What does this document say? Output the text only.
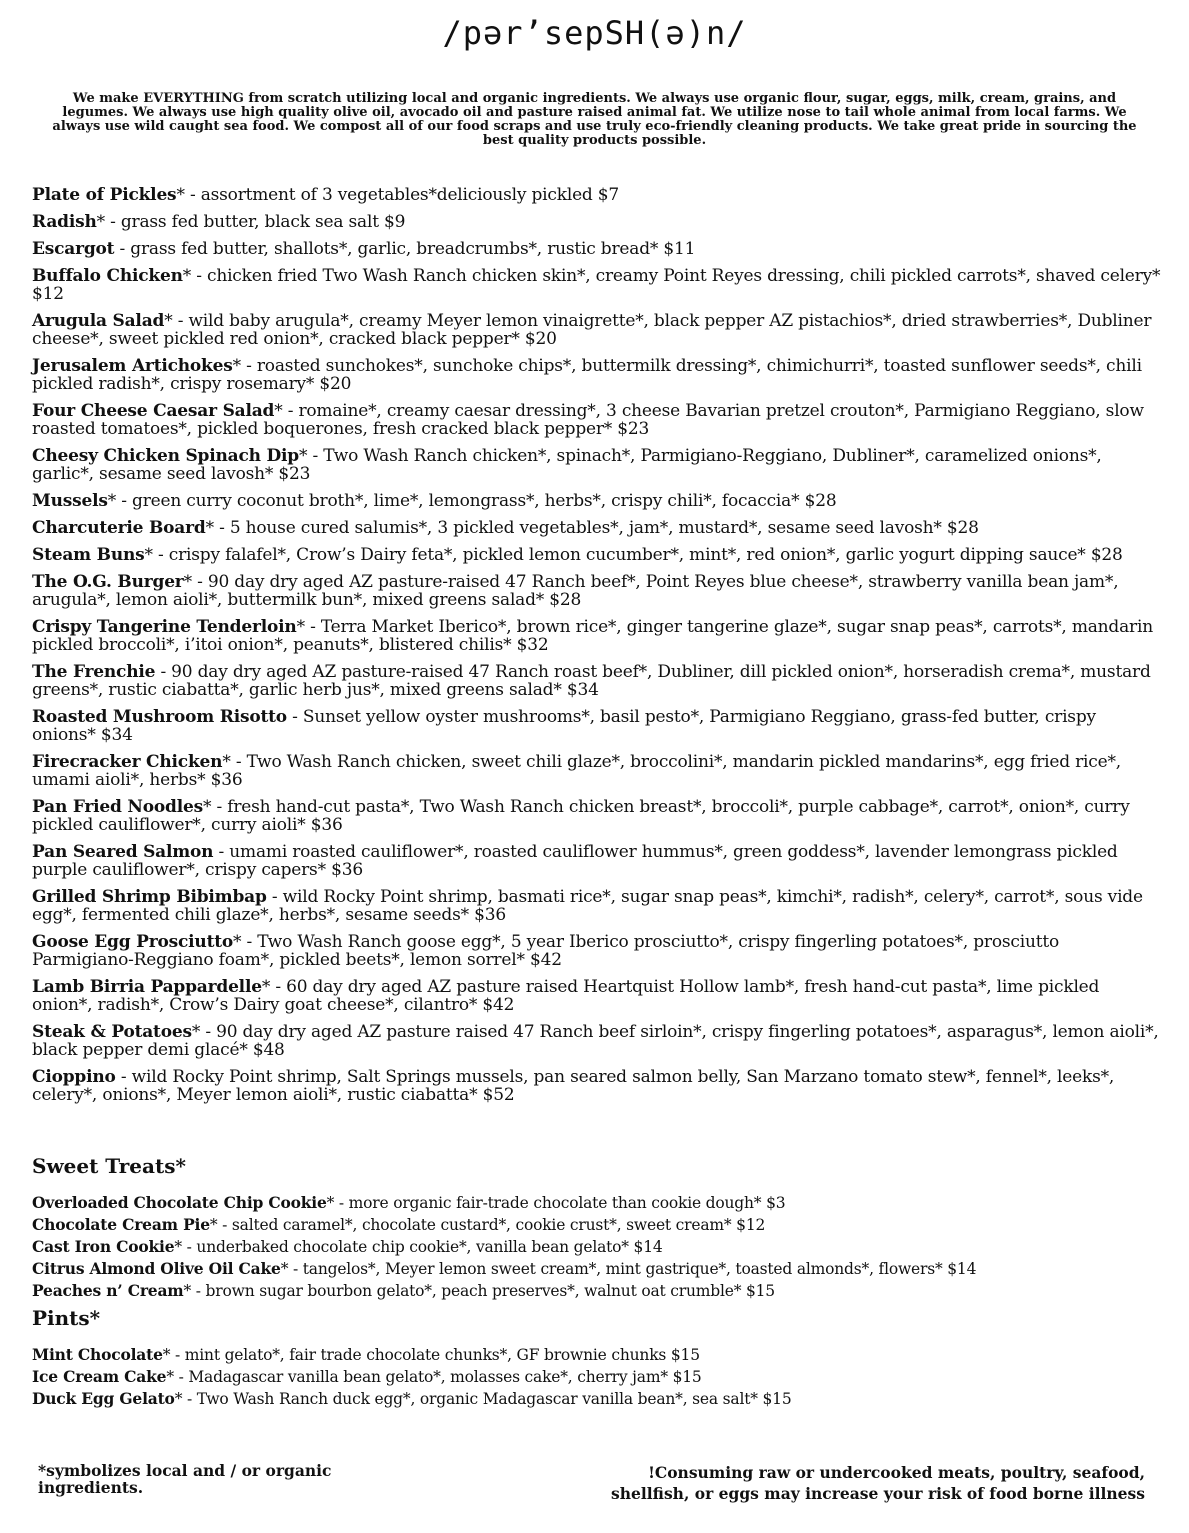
/pər’sepSH(ə)n/
We make EVERYTHING from scratch utilizing local and organic ingredients. We always use organic flour, sugar, eggs, milk, cream, grains, and legumes. We always use high quality olive oil, avocado oil and pasture raised animal fat. We utilize nose to tail whole animal from local farms. We always use wild caught sea food. We compost all of our food scraps and use truly eco-friendly cleaning products. We take great pride in sourcing the best quality products possible.
Plate of Pickles* - assortment of 3 vegetables*deliciously pickled $7
Radish* - grass fed butter, black sea salt $9
Escargot - grass fed butter, shallots*, garlic, breadcrumbs*, rustic bread* $11
Buffalo Chicken* - chicken fried Two Wash Ranch chicken skin*, creamy Point Reyes dressing, chili pickled carrots*, shaved celery* $12
Arugula Salad* - wild baby arugula*, creamy Meyer lemon vinaigrette*, black pepper AZ pistachios*, dried strawberries*, Dubliner cheese*, sweet pickled red onion*, cracked black pepper* $20
Jerusalem Artichokes* - roasted sunchokes*, sunchoke chips*, buttermilk dressing*, chimichurri*, toasted sunflower seeds*, chili pickled radish*, crispy rosemary* $20
Four Cheese Caesar Salad* - romaine*, creamy caesar dressing*, 3 cheese Bavarian pretzel crouton*, Parmigiano Reggiano, slow roasted tomatoes*, pickled boquerones, fresh cracked black pepper* $23
Cheesy Chicken Spinach Dip* - Two Wash Ranch chicken*, spinach*, Parmigiano-Reggiano, Dubliner*, caramelized onions*, garlic*, sesame seed lavosh* $23
Mussels* - green curry coconut broth*, lime*, lemongrass*, herbs*, crispy chili*, focaccia* $28
Charcuterie Board* - 5 house cured salumis*, 3 pickled vegetables*, jam*, mustard*, sesame seed lavosh* $28
Steam Buns* - crispy falafel*, Crow’s Dairy feta*, pickled lemon cucumber*, mint*, red onion*, garlic yogurt dipping sauce* $28
The O.G. Burger* - 90 day dry aged AZ pasture-raised 47 Ranch beef*, Point Reyes blue cheese*, strawberry vanilla bean jam*, arugula*, lemon aioli*, buttermilk bun*, mixed greens salad* $28
Crispy Tangerine Tenderloin* - Terra Market Iberico*, brown rice*, ginger tangerine glaze*, sugar snap peas*, carrots*, mandarin pickled broccoli*, i’itoi onion*, peanuts*, blistered chilis* $32
The Frenchie - 90 day dry aged AZ pasture-raised 47 Ranch roast beef*, Dubliner, dill pickled onion*, horseradish crema*, mustard greens*, rustic ciabatta*, garlic herb jus*, mixed greens salad* $34
Roasted Mushroom Risotto - Sunset yellow oyster mushrooms*, basil pesto*, Parmigiano Reggiano, grass-fed butter, crispy onions* $34
Firecracker Chicken* - Two Wash Ranch chicken, sweet chili glaze*, broccolini*, mandarin pickled mandarins*, egg fried rice*, umami aioli*, herbs* $36
Pan Fried Noodles* - fresh hand-cut pasta*, Two Wash Ranch chicken breast*, broccoli*, purple cabbage*, carrot*, onion*, curry pickled cauliflower*, curry aioli* $36
Pan Seared Salmon - umami roasted cauliflower*, roasted cauliflower hummus*, green goddess*, lavender lemongrass pickled purple cauliflower*, crispy capers* $36
Grilled Shrimp Bibimbap - wild Rocky Point shrimp, basmati rice*, sugar snap peas*, kimchi*, radish*, celery*, carrot*, sous vide egg*, fermented chili glaze*, herbs*, sesame seeds* $36
Goose Egg Prosciutto* - Two Wash Ranch goose egg*, 5 year Iberico prosciutto*, crispy fingerling potatoes*, prosciutto Parmigiano-Reggiano foam*, pickled beets*, lemon sorrel* $42
Lamb Birria Pappardelle* - 60 day dry aged AZ pasture raised Heartquist Hollow lamb*, fresh hand-cut pasta*, lime pickled onion*, radish*, Crow’s Dairy goat cheese*, cilantro* $42
Steak & Potatoes* - 90 day dry aged AZ pasture raised 47 Ranch beef sirloin*, crispy fingerling potatoes*, asparagus*, lemon aioli*, black pepper demi glacé* $48
Cioppino - wild Rocky Point shrimp, Salt Springs mussels, pan seared salmon belly, San Marzano tomato stew*, fennel*, leeks*, celery*, onions*, Meyer lemon aioli*, rustic ciabatta* $52
Sweet Treats*
Overloaded Chocolate Chip Cookie* - more organic fair-trade chocolate than cookie dough* $3
Chocolate Cream Pie* - salted caramel*, chocolate custard*, cookie crust*, sweet cream* $12
Cast Iron Cookie* - underbaked chocolate chip cookie*, vanilla bean gelato* $14
Citrus Almond Olive Oil Cake* - tangelos*, Meyer lemon sweet cream*, mint gastrique*, toasted almonds*, flowers* $14
Peaches n’ Cream* - brown sugar bourbon gelato*, peach preserves*, walnut oat crumble* $15
Pints*
Mint Chocolate* - mint gelato*, fair trade chocolate chunks*, GF brownie chunks $15
Ice Cream Cake* - Madagascar vanilla bean gelato*, molasses cake*, cherry jam* $15
Duck Egg Gelato* - Two Wash Ranch duck egg*, organic Madagascar vanilla bean*, sea salt* $15
*symbolizes local and / or organic ingredients.
!Consuming raw or undercooked meats, poultry, seafood, shellfish, or eggs may increase your risk of food borne illness
